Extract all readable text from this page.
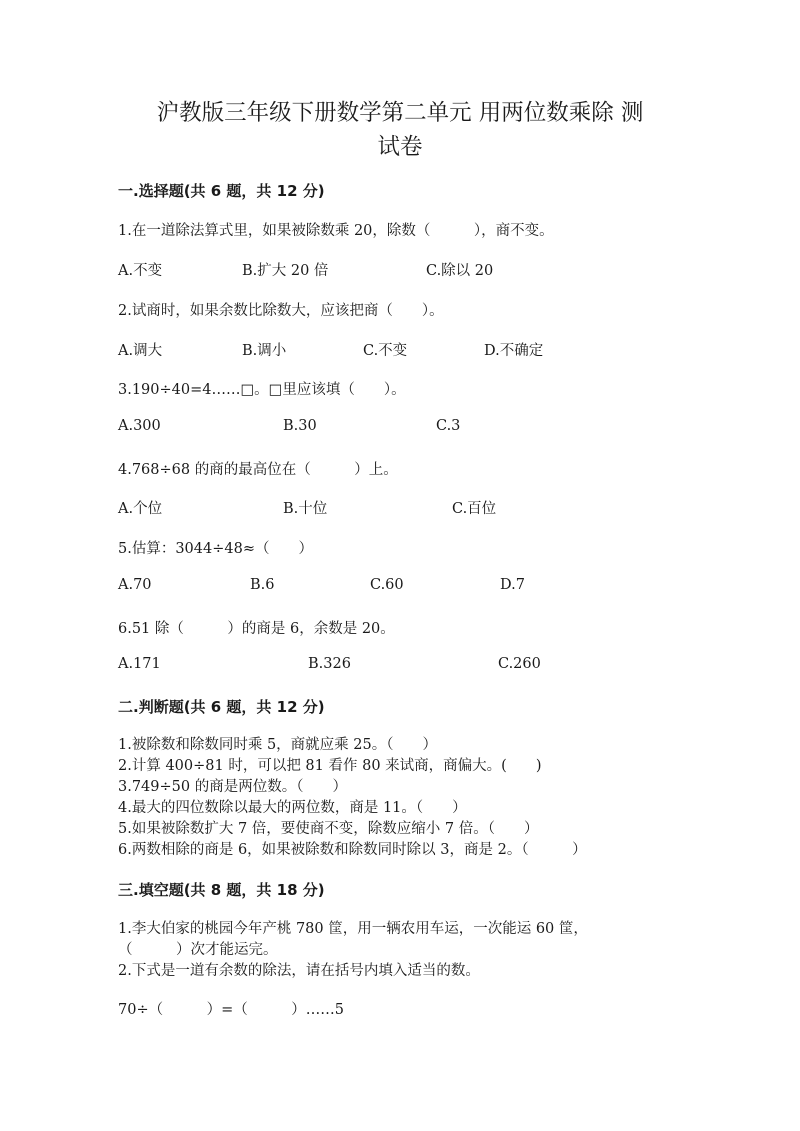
沪教版三年级下册数学第二单元 用两位数乘除 测
试卷
一.选择题(共 6 题，共 12 分)
1.在一道除法算式里，如果被除数乘 20，除数（　　　），商不变。
A.不变	B.扩大 20 倍	C.除以 20
2.试商时，如果余数比除数大，应该把商（　　）。
A.调大	B.调小	C.不变	D.不确定
3.190÷40=4……□。□里应该填（　　）。
A.300	B.30	C.3
4.768÷68 的商的最高位在（　　　）上。
A.个位	B.十位	C.百位
5.估算：3044÷48≈（　　）
A.70	B.6	C.60	D.7
6.51 除（　　　）的商是 6，余数是 20。
A.171	B.326	C.260
二.判断题(共 6 题，共 12 分)
1.被除数和除数同时乘 5，商就应乘 25。（　　）
2.计算 400÷81 时，可以把 81 看作 80 来试商，商偏大。(　　)
3.749÷50 的商是两位数。（　　）
4.最大的四位数除以最大的两位数，商是 11。（　　）
5.如果被除数扩大 7 倍，要使商不变，除数应缩小 7 倍。（　　）
6.两数相除的商是 6，如果被除数和除数同时除以 3，商是 2。（　　　）
三.填空题(共 8 题，共 18 分)
1.李大伯家的桃园今年产桃 780 筐，用一辆农用车运，一次能运 60 筐，
（　　　）次才能运完。
2.下式是一道有余数的除法，请在括号内填入适当的数。
70÷（　　　）=（　　　）……5
